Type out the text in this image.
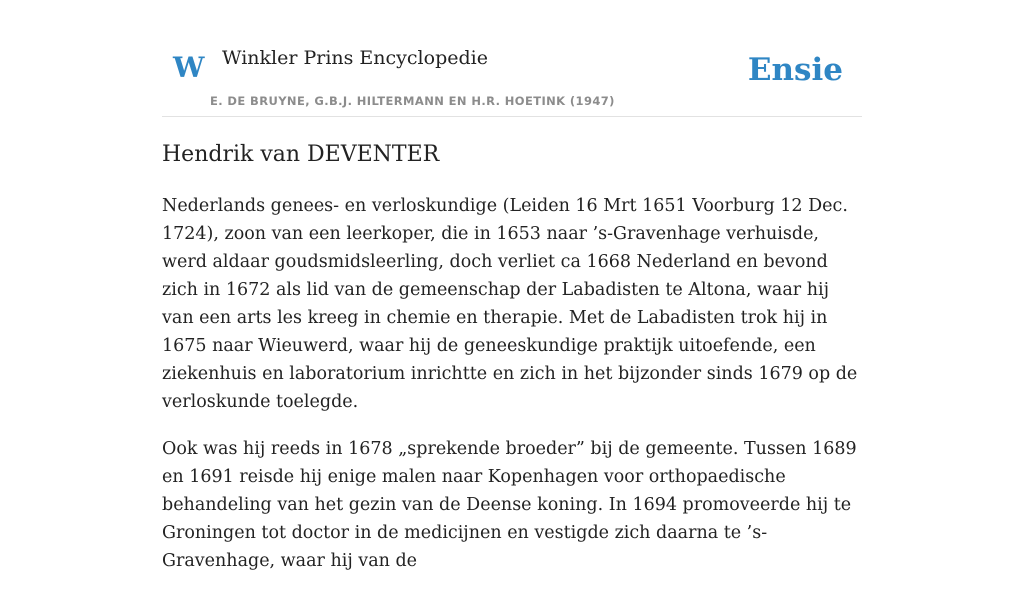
W Winkler Prins Encyclopedie
E. DE BRUYNE, G.B.J. HILTERMANN EN H.R. HOETINK (1947)
Ensie
Hendrik van DEVENTER

Nederlands genees- en verloskundige (Leiden 16 Mrt 1651 Voorburg 12 Dec. 1724), zoon van een leerkoper, die in 1653 naar ’s-Gravenhage verhuisde, werd aldaar goudsmidsleerling, doch verliet ca 1668 Nederland en bevond zich in 1672 als lid van de gemeenschap der Labadisten te Altona, waar hij van een arts les kreeg in chemie en therapie. Met de Labadisten trok hij in 1675 naar Wieuwerd, waar hij de geneeskundige praktijk uitoefende, een ziekenhuis en laboratorium inrichtte en zich in het bijzonder sinds 1679 op de verloskunde toelegde.

Ook was hij reeds in 1678 „sprekende broeder” bij de gemeente. Tussen 1689 en 1691 reisde hij enige malen naar Kopenhagen voor orthopaedische behandeling van het gezin van de Deense koning. In 1694 promoveerde hij te Groningen tot doctor in de medicijnen en vestigde zich daarna te ’s-Gravenhage, waar hij van de
